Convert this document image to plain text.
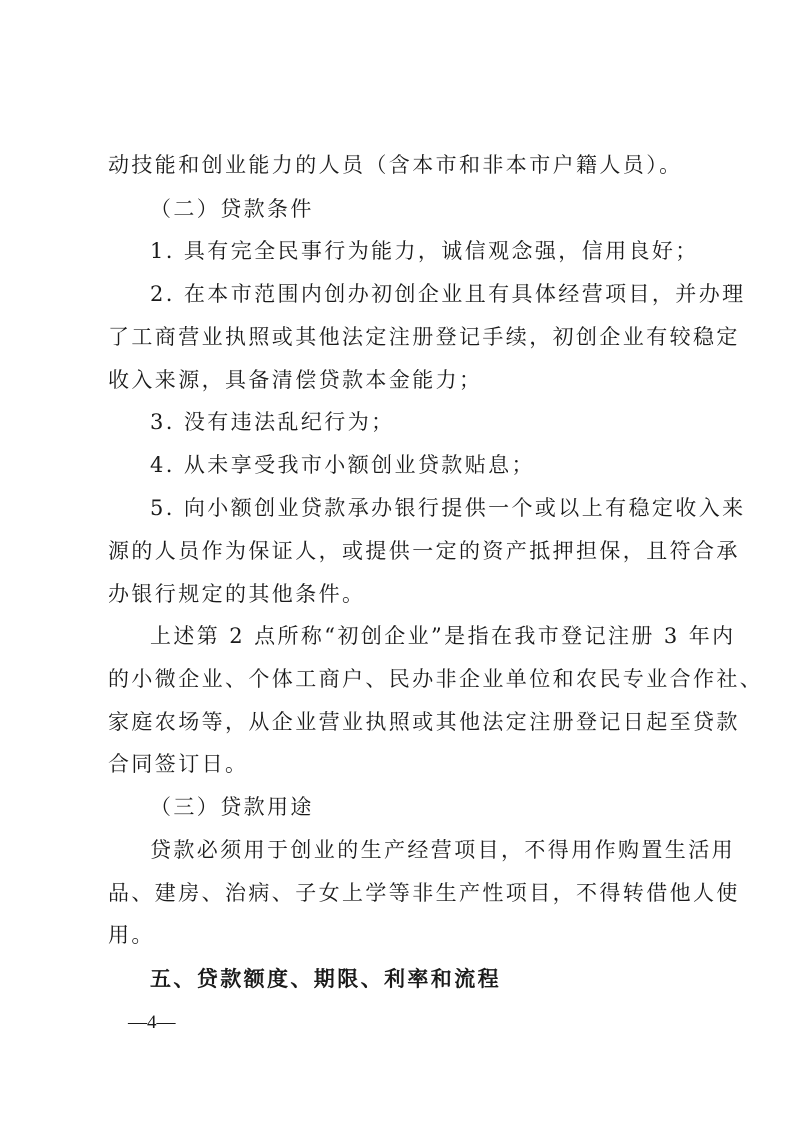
动技能和创业能力的人员（含本市和非本市户籍人员）。
（二）贷款条件
1. 具有完全民事行为能力，诚信观念强，信用良好；
2. 在本市范围内创办初创企业且有具体经营项目，并办理
了工商营业执照或其他法定注册登记手续，初创企业有较稳定
收入来源，具备清偿贷款本金能力；
3. 没有违法乱纪行为；
4. 从未享受我市小额创业贷款贴息；
5. 向小额创业贷款承办银行提供一个或以上有稳定收入来
源的人员作为保证人，或提供一定的资产抵押担保，且符合承
办银行规定的其他条件。
上述第 2 点所称“初创企业”是指在我市登记注册 3 年内
的小微企业、个体工商户、民办非企业单位和农民专业合作社、
家庭农场等，从企业营业执照或其他法定注册登记日起至贷款
合同签订日。
（三）贷款用途
贷款必须用于创业的生产经营项目，不得用作购置生活用
品、建房、治病、子女上学等非生产性项目，不得转借他人使
用。
五、贷款额度、期限、利率和流程
—4—
